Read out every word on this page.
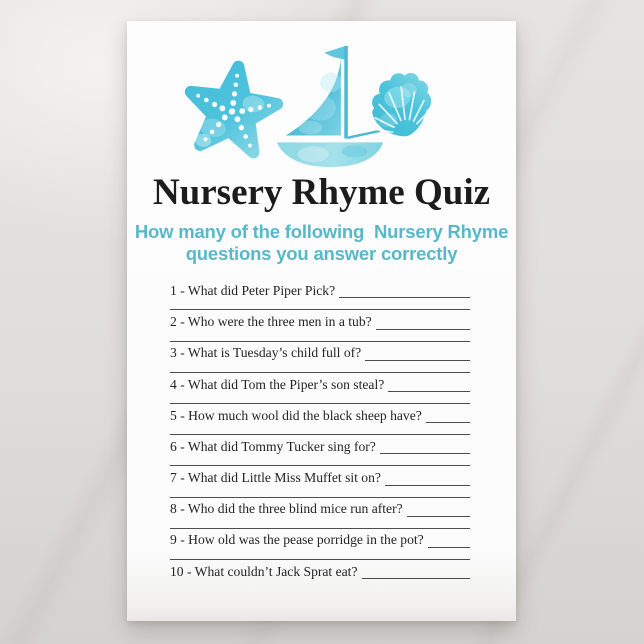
Nursery Rhyme Quiz
How many of the following  Nursery Rhyme
questions you answer correctly
1 - What did Peter Piper Pick?
2 - Who were the three men in a tub?
3 - What is Tuesday’s child full of?
4 - What did Tom the Piper’s son steal?
5 - How much wool did the black sheep have?
6 - What did Tommy Tucker sing for?
7 - What did Little Miss Muffet sit on?
8 - Who did the three blind mice run after?
9 - How old was the pease porridge in the pot?
10 - What couldn’t Jack Sprat eat?
